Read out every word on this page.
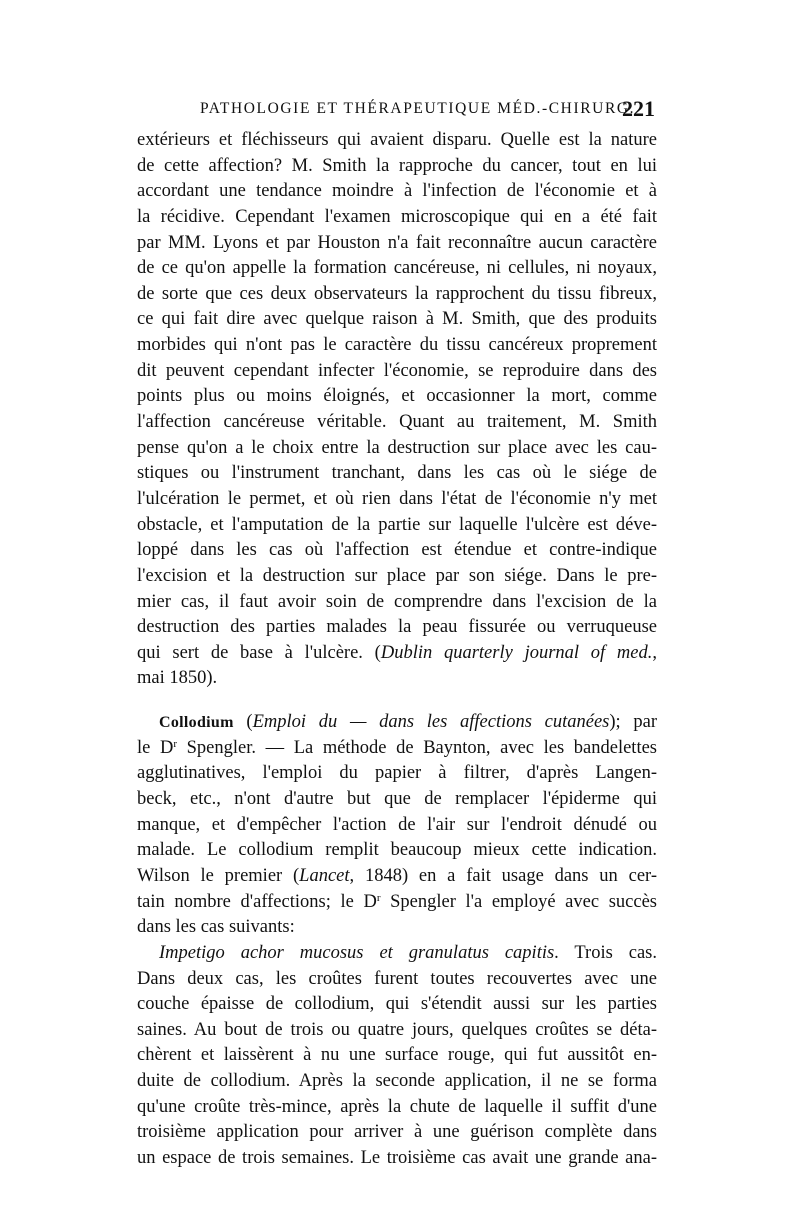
PATHOLOGIE ET THÉRAPEUTIQUE MÉD.-CHIRURG.
221
extérieurs et fléchisseurs qui avaient disparu. Quelle est la nature
de cette affection? M. Smith la rapproche du cancer, tout en lui
accordant une tendance moindre à l'infection de l'économie et à
la récidive. Cependant l'examen microscopique qui en a été fait
par MM. Lyons et par Houston n'a fait reconnaître aucun caractère
de ce qu'on appelle la formation cancéreuse, ni cellules, ni noyaux,
de sorte que ces deux observateurs la rapprochent du tissu fibreux,
ce qui fait dire avec quelque raison à M. Smith, que des produits
morbides qui n'ont pas le caractère du tissu cancéreux proprement
dit peuvent cependant infecter l'économie, se reproduire dans des
points plus ou moins éloignés, et occasionner la mort, comme
l'affection cancéreuse véritable. Quant au traitement, M. Smith
pense qu'on a le choix entre la destruction sur place avec les cau-
stiques ou l'instrument tranchant, dans les cas où le siége de
l'ulcération le permet, et où rien dans l'état de l'économie n'y met
obstacle, et l'amputation de la partie sur laquelle l'ulcère est déve-
loppé dans les cas où l'affection est étendue et contre-indique
l'excision et la destruction sur place par son siége. Dans le pre-
mier cas, il faut avoir soin de comprendre dans l'excision de la
destruction des parties malades la peau fissurée ou verruqueuse
qui sert de base à l'ulcère. (Dublin quarterly journal of med.,
mai 1850).
Collodium (Emploi du — dans les affections cutanées); par
le $D^r$ Spengler. — La méthode de Baynton, avec les bandelettes
agglutinatives, l'emploi du papier à filtrer, d'après Langen-
beck, etc., n'ont d'autre but que de remplacer l'épiderme qui
manque, et d'empêcher l'action de l'air sur l'endroit dénudé ou
malade. Le collodium remplit beaucoup mieux cette indication.
Wilson le premier (Lancet, 1848) en a fait usage dans un cer-
tain nombre d'affections; le $D^r$ Spengler l'a employé avec succès
dans les cas suivants:
Impetigo achor mucosus et granulatus capitis. Trois cas.
Dans deux cas, les croûtes furent toutes recouvertes avec une
couche épaisse de collodium, qui s'étendit aussi sur les parties
saines. Au bout de trois ou quatre jours, quelques croûtes se déta-
chèrent et laissèrent à nu une surface rouge, qui fut aussitôt en-
duite de collodium. Après la seconde application, il ne se forma
qu'une croûte très-mince, après la chute de laquelle il suffit d'une
troisième application pour arriver à une guérison complète dans
un espace de trois semaines. Le troisième cas avait une grande ana-
